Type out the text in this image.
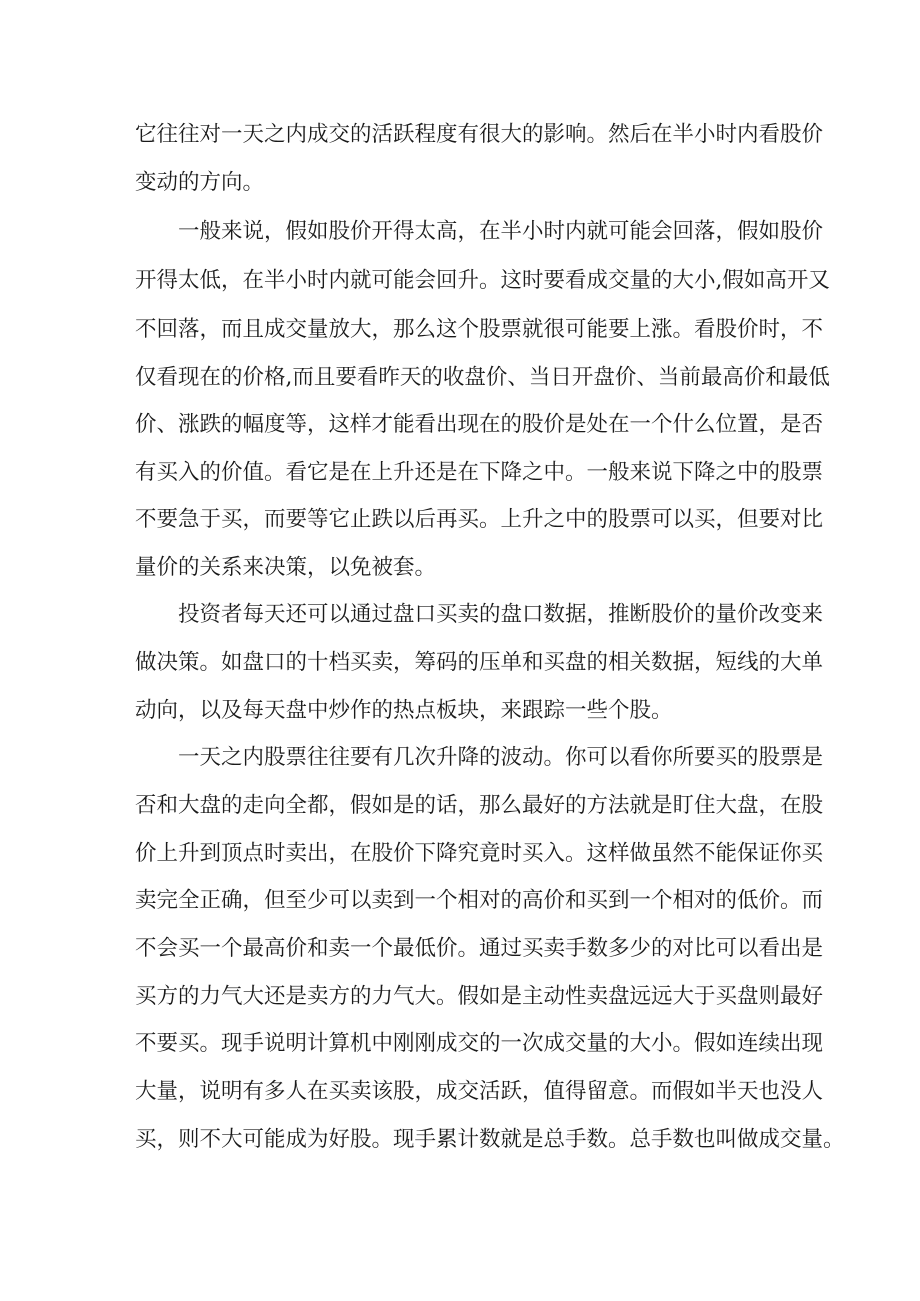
它往往对一天之内成交的活跃程度有很大的影响。然后在半小时内看股价

变动的方向。

一般来说，假如股价开得太高，在半小时内就可能会回落，假如股价

开得太低，在半小时内就可能会回升。这时要看成交量的大小,假如高开又

不回落，而且成交量放大，那么这个股票就很可能要上涨。看股价时，不

仅看现在的价格,而且要看昨天的收盘价、当日开盘价、当前最高价和最低

价、涨跌的幅度等，这样才能看出现在的股价是处在一个什么位置，是否

有买入的价值。看它是在上升还是在下降之中。一般来说下降之中的股票

不要急于买，而要等它止跌以后再买。上升之中的股票可以买，但要对比

量价的关系来决策，以免被套。

投资者每天还可以通过盘口买卖的盘口数据，推断股价的量价改变来

做决策。如盘口的十档买卖，筹码的压单和买盘的相关数据，短线的大单

动向，以及每天盘中炒作的热点板块，来跟踪一些个股。

一天之内股票往往要有几次升降的波动。你可以看你所要买的股票是

否和大盘的走向全都，假如是的话，那么最好的方法就是盯住大盘，在股

价上升到顶点时卖出，在股价下降究竟时买入。这样做虽然不能保证你买

卖完全正确，但至少可以卖到一个相对的高价和买到一个相对的低价。而

不会买一个最高价和卖一个最低价。通过买卖手数多少的对比可以看出是

买方的力气大还是卖方的力气大。假如是主动性卖盘远远大于买盘则最好

不要买。现手说明计算机中刚刚成交的一次成交量的大小。假如连续出现

大量，说明有多人在买卖该股，成交活跃，值得留意。而假如半天也没人

买，则不大可能成为好股。现手累计数就是总手数。总手数也叫做成交量。
